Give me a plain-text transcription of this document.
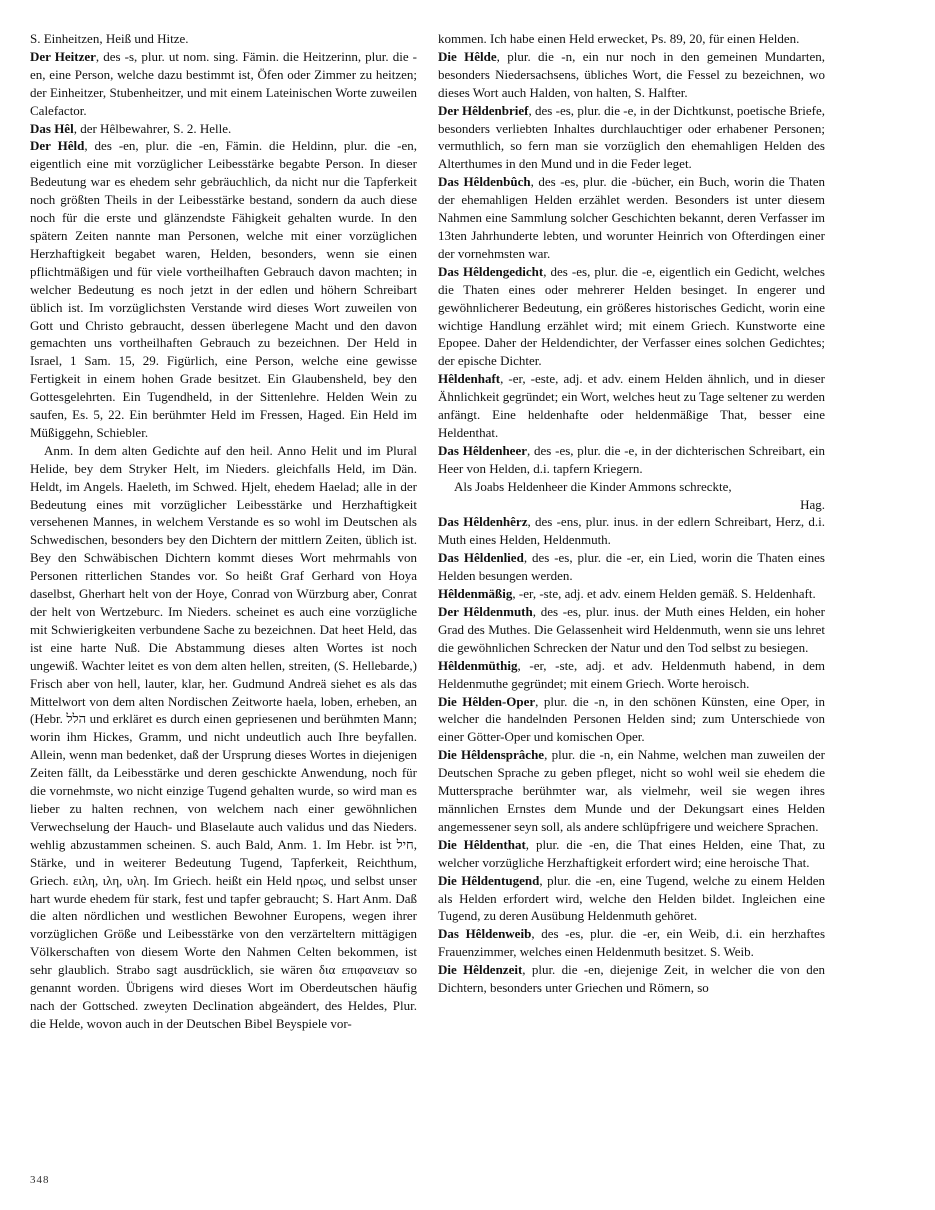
S. Einheitzen, Heiß und Hitze.

Der Heitzer, des -s, plur. ut nom. sing. Fämin. die Heitzerinn, plur. die -en, eine Person, welche dazu bestimmt ist, Öfen oder Zimmer zu heitzen; der Einheitzer, Stubenheitzer, und mit einem Lateinischen Worte zuweilen Calefactor.

Das Hêl, der Hêlbewahrer, S. 2. Helle.

Der Hêld, des -en, plur. die -en, Fämin. die Heldinn, plur. die -en, eigentlich eine mit vorzüglicher Leibesstärke begabte Person. In dieser Bedeutung war es ehedem sehr gebräuchlich, da nicht nur die Tapferkeit noch größten Theils in der Leibesstärke bestand, sondern da auch diese noch für die erste und glänzendste Fähigkeit gehalten wurde. In den spätern Zeiten nannte man Personen, welche mit einer vorzüglichen Herzhaftigkeit begabet waren, Helden, besonders, wenn sie einen pflichtmäßigen und für viele vortheilhaften Gebrauch davon machten; in welcher Bedeutung es noch jetzt in der edlen und höhern Schreibart üblich ist. Im vorzüglichsten Verstande wird dieses Wort zuweilen von Gott und Christo gebraucht, dessen überlegene Macht und den davon gemachten uns vortheilhaften Gebrauch zu bezeichnen. Der Held in Israel, 1 Sam. 15, 29. Figürlich, eine Person, welche eine gewisse Fertigkeit in einem hohen Grade besitzet. Ein Glaubensheld, bey den Gottesgelehrten. Ein Tugendheld, in der Sittenlehre. Helden Wein zu saufen, Es. 5, 22. Ein berühmter Held im Fressen, Haged. Ein Held im Müßiggehn, Schiebler.

Anm. In dem alten Gedichte auf den heil. Anno Helit und im Plural Helide, bey dem Stryker Helt, im Nieders. gleichfalls Held, im Dän. Heldt, im Angels. Haeleth, im Schwed. Hjelt, ehedem Haelad; alle in der Bedeutung eines mit vorzüglicher Leibesstärke und Herzhaftigkeit versehenen Mannes, in welchem Verstande es so wohl im Deutschen als Schwedischen, besonders bey den Dichtern der mittlern Zeiten, üblich ist. Bey den Schwäbischen Dichtern kommt dieses Wort mehrmahls von Personen ritterlichen Standes vor. So heißt Graf Gerhard von Hoya daselbst, Gherhart helt von der Hoye, Conrad von Würzburg aber, Conrat der helt von Wertzeburc. Im Nieders. scheinet es auch eine vorzügliche mit Schwierigkeiten verbundene Sache zu bezeichnen. Dat heet Held, das ist eine harte Nuß. Die Abstammung dieses alten Wortes ist noch ungewiß. Wachter leitet es von dem alten hellen, streiten, (S. Hellebarde,) Frisch aber von hell, lauter, klar, her. Gudmund Andreä siehet es als das Mittelwort von dem alten Nordischen Zeitworte haela, loben, erheben, an (Hebr. הלל und erkläret es durch einen gepriesenen und berühmten Mann; worin ihm Hickes, Gramm, und nicht undeutlich auch Ihre beyfallen. Allein, wenn man bedenket, daß der Ursprung dieses Wortes in diejenigen Zeiten fällt, da Leibesstärke und deren geschickte Anwendung, noch für die vornehmste, wo nicht einzige Tugend gehalten wurde, so wird man es lieber zu halten rechnen, von welchem nach einer gewöhnlichen Verwechselung der Hauch- und Blaselaute auch validus und das Nieders. wehlig abzustammen scheinen. S. auch Bald, Anm. 1. Im Hebr. ist חיל, Stärke, und in weiterer Bedeutung Tugend, Tapferkeit, Reichthum, Griech. ειλη, ιλη, υλη. Im Griech. heißt ein Held ηρως, und selbst unser hart wurde ehedem für stark, fest und tapfer gebraucht; S. Hart Anm. Daß die alten nördlichen und westlichen Bewohner Europens, wegen ihrer vorzüglichen Größe und Leibesstärke von den verzärteltern mittägigen Völkerschaften von diesem Worte den Nahmen Celten bekommen, ist sehr glaublich. Strabo sagt ausdrücklich, sie wären δια επιφανειαν so genannt worden. Übrigens wird dieses Wort im Oberdeutschen häufig nach der Gottsched. zweyten Declination abgeändert, des Heldes, Plur. die Helde, wovon auch in der Deutschen Bibel Beyspiele vor-

kommen. Ich habe einen Held erwecket, Ps. 89, 20, für einen Helden.

Die Hêlde, plur. die -n, ein nur noch in den gemeinen Mundarten, besonders Niedersachsens, übliches Wort, die Fessel zu bezeichnen, wo dieses Wort auch Halden, von halten, S. Halfter.

Der Hêldenbrief, des -es, plur. die -e, in der Dichtkunst, poetische Briefe, besonders verliebten Inhaltes durchlauchtiger oder erhabener Personen; vermuthlich, so fern man sie vorzüglich den ehemahligen Helden des Alterthumes in den Mund und in die Feder leget.

Das Hêldenbûch, des -es, plur. die -bücher, ein Buch, worin die Thaten der ehemahligen Helden erzählet werden. Besonders ist unter diesem Nahmen eine Sammlung solcher Geschichten bekannt, deren Verfasser im 13ten Jahrhunderte lebten, und worunter Heinrich von Ofterdingen einer der vornehmsten war.

Das Hêldengedicht, des -es, plur. die -e, eigentlich ein Gedicht, welches die Thaten eines oder mehrerer Helden besinget. In engerer und gewöhnlicherer Bedeutung, ein größeres historisches Gedicht, worin eine wichtige Handlung erzählet wird; mit einem Griech. Kunstworte eine Epopee. Daher der Heldendichter, der Verfasser eines solchen Gedichtes; der epische Dichter.

Hêldenhaft, -er, -este, adj. et adv. einem Helden ähnlich, und in dieser Ähnlichkeit gegründet; ein Wort, welches heut zu Tage seltener zu werden anfängt. Eine heldenhafte oder heldenmäßige That, besser eine Heldenthat.

Das Hêldenheer, des -es, plur. die -e, in der dichterischen Schreibart, ein Heer von Helden, d.i. tapfern Kriegern.

Als Joabs Heldenheer die Kinder Ammons schreckte,

Hag.

Das Hêldenhêrz, des -ens, plur. inus. in der edlern Schreibart, Herz, d.i. Muth eines Helden, Heldenmuth.

Das Hêldenlied, des -es, plur. die -er, ein Lied, worin die Thaten eines Helden besungen werden.

Hêldenmäßig, -er, -ste, adj. et adv. einem Helden gemäß. S. Heldenhaft.

Der Hêldenmuth, des -es, plur. inus. der Muth eines Helden, ein hoher Grad des Muthes. Die Gelassenheit wird Heldenmuth, wenn sie uns lehret die gewöhnlichen Schrecken der Natur und den Tod selbst zu besiegen.

Hêldenmüthig, -er, -ste, adj. et adv. Heldenmuth habend, in dem Heldenmuthe gegründet; mit einem Griech. Worte heroisch.

Die Hêlden-Oper, plur. die -n, in den schönen Künsten, eine Oper, in welcher die handelnden Personen Helden sind; zum Unterschiede von einer Götter-Oper und komischen Oper.

Die Hêldensprâche, plur. die -n, ein Nahme, welchen man zuweilen der Deutschen Sprache zu geben pfleget, nicht so wohl weil sie ehedem die Muttersprache berühmter war, als vielmehr, weil sie wegen ihres männlichen Ernstes dem Munde und der Dekungsart eines Helden angemessener seyn soll, als andere schlüpfrigere und weichere Sprachen.

Die Hêldenthat, plur. die -en, die That eines Helden, eine That, zu welcher vorzügliche Herzhaftigkeit erfordert wird; eine heroische That.

Die Hêldentugend, plur. die -en, eine Tugend, welche zu einem Helden als Helden erfordert wird, welche den Helden bildet. Ingleichen eine Tugend, zu deren Ausübung Heldenmuth gehöret.

Das Hêldenweib, des -es, plur. die -er, ein Weib, d.i. ein herzhaftes Frauenzimmer, welches einen Heldenmuth besitzet. S. Weib.

Die Hêldenzeit, plur. die -en, diejenige Zeit, in welcher die von den Dichtern, besonders unter Griechen und Römern, so

348
